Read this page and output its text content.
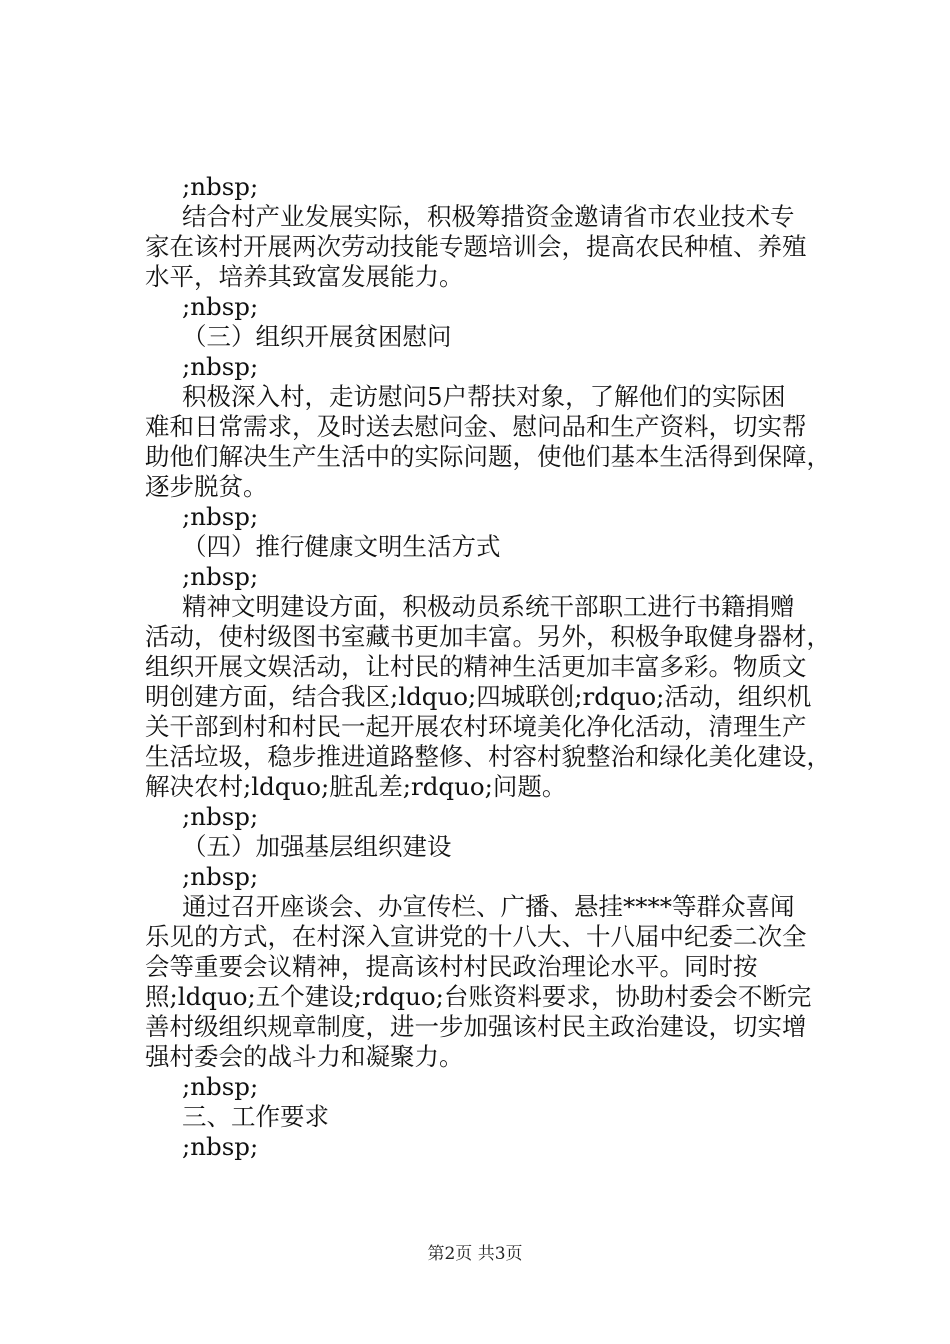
;nbsp;

结合村产业发展实际，积极筹措资金邀请省市农业技术专
家在该村开展两次劳动技能专题培训会，提高农民种植、养殖
水平，培养其致富发展能力。

;nbsp;

（三）组织开展贫困慰问

;nbsp;

积极深入村，走访慰问5户帮扶对象，了解他们的实际困
难和日常需求，及时送去慰问金、慰问品和生产资料，切实帮
助他们解决生产生活中的实际问题，使他们基本生活得到保障，
逐步脱贫。

;nbsp;

（四）推行健康文明生活方式

;nbsp;

精神文明建设方面，积极动员系统干部职工进行书籍捐赠
活动，使村级图书室藏书更加丰富。另外，积极争取健身器材，
组织开展文娱活动，让村民的精神生活更加丰富多彩。物质文
明创建方面，结合我区;ldquo;四城联创;rdquo;活动，组织机
关干部到村和村民一起开展农村环境美化净化活动，清理生产
生活垃圾，稳步推进道路整修、村容村貌整治和绿化美化建设，
解决农村;ldquo;脏乱差;rdquo;问题。

;nbsp;

（五）加强基层组织建设

;nbsp;

通过召开座谈会、办宣传栏、广播、悬挂****等群众喜闻
乐见的方式，在村深入宣讲党的十八大、十八届中纪委二次全
会等重要会议精神，提高该村村民政治理论水平。同时按
照;ldquo;五个建设;rdquo;台账资料要求，协助村委会不断完
善村级组织规章制度，进一步加强该村民主政治建设，切实增
强村委会的战斗力和凝聚力。

;nbsp;

三、工作要求

;nbsp;

第2页 共3页
